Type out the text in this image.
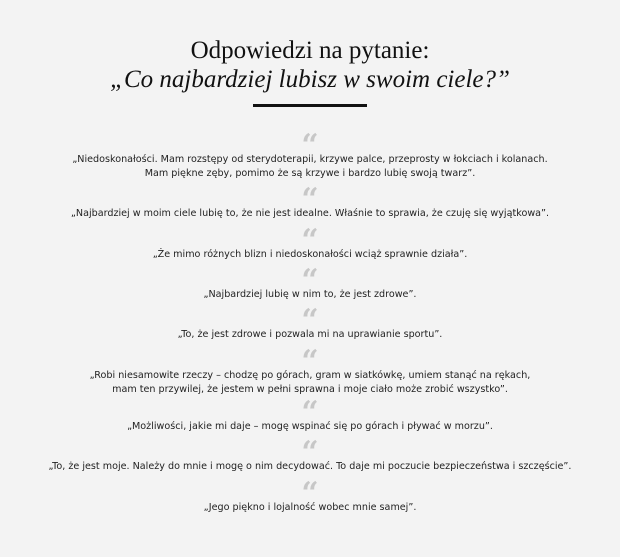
Odpowiedzi na pytanie:
„Co najbardziej lubisz w swoim ciele?”
“
„Niedoskonałości. Mam rozstępy od sterydoterapii, krzywe palce, przeprosty w łokciach i kolanach.
Mam piękne zęby, pomimo że są krzywe i bardzo lubię swoją twarz”.
“
„Najbardziej w moim ciele lubię to, że nie jest idealne. Właśnie to sprawia, że czuję się wyjątkowa”.
“
„Że mimo różnych blizn i niedoskonałości wciąż sprawnie działa”.
“
„Najbardziej lubię w nim to, że jest zdrowe”.
“
„To, że jest zdrowe i pozwala mi na uprawianie sportu”.
“
„Robi niesamowite rzeczy – chodzę po górach, gram w siatkówkę, umiem stanąć na rękach,
mam ten przywilej, że jestem w pełni sprawna i moje ciało może zrobić wszystko”.
“
„Możliwości, jakie mi daje – mogę wspinać się po górach i pływać w morzu”.
“
„To, że jest moje. Należy do mnie i mogę o nim decydować. To daje mi poczucie bezpieczeństwa i szczęście”.
“
„Jego piękno i lojalność wobec mnie samej”.
